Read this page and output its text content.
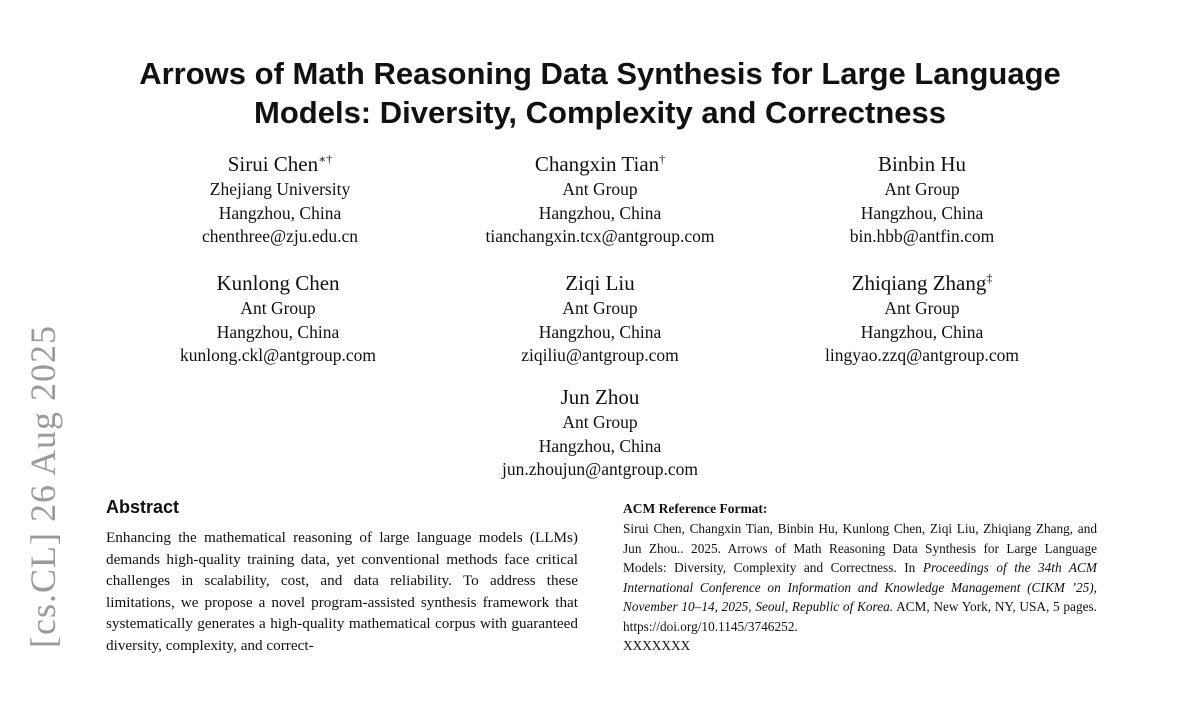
Arrows of Math Reasoning Data Synthesis for Large Language
Models: Diversity, Complexity and Correctness
Sirui Chen∗†
Zhejiang University
Hangzhou, China
chenthree@zju.edu.cn
Changxin Tian†
Ant Group
Hangzhou, China
tianchangxin.tcx@antgroup.com
Binbin Hu
Ant Group
Hangzhou, China
bin.hbb@antfin.com
Kunlong Chen
Ant Group
Hangzhou, China
kunlong.ckl@antgroup.com
Ziqi Liu
Ant Group
Hangzhou, China
ziqiliu@antgroup.com
Zhiqiang Zhang‡
Ant Group
Hangzhou, China
lingyao.zzq@antgroup.com
Jun Zhou
Ant Group
Hangzhou, China
jun.zhoujun@antgroup.com
[cs.CL] 26 Aug 2025 Abstract
Enhancing the mathematical reasoning of large language models (LLMs) demands high-quality training data, yet conventional methods face critical challenges in scalability, cost, and data reliability. To address these limitations, we propose a novel program-assisted synthesis framework that systematically generates a high-quality mathematical corpus with guaranteed diversity, complexity, and correct-
ACM Reference Format:
Sirui Chen, Changxin Tian, Binbin Hu, Kunlong Chen, Ziqi Liu, Zhiqiang Zhang, and Jun Zhou.. 2025. Arrows of Math Reasoning Data Synthesis for Large Language Models: Diversity, Complexity and Correctness. In Proceedings of the 34th ACM International Conference on Information and Knowledge Management (CIKM ’25), November 10–14, 2025, Seoul, Republic of Korea. ACM, New York, NY, USA, 5 pages. https://doi.org/10.1145/3746252.
XXXXXXX
